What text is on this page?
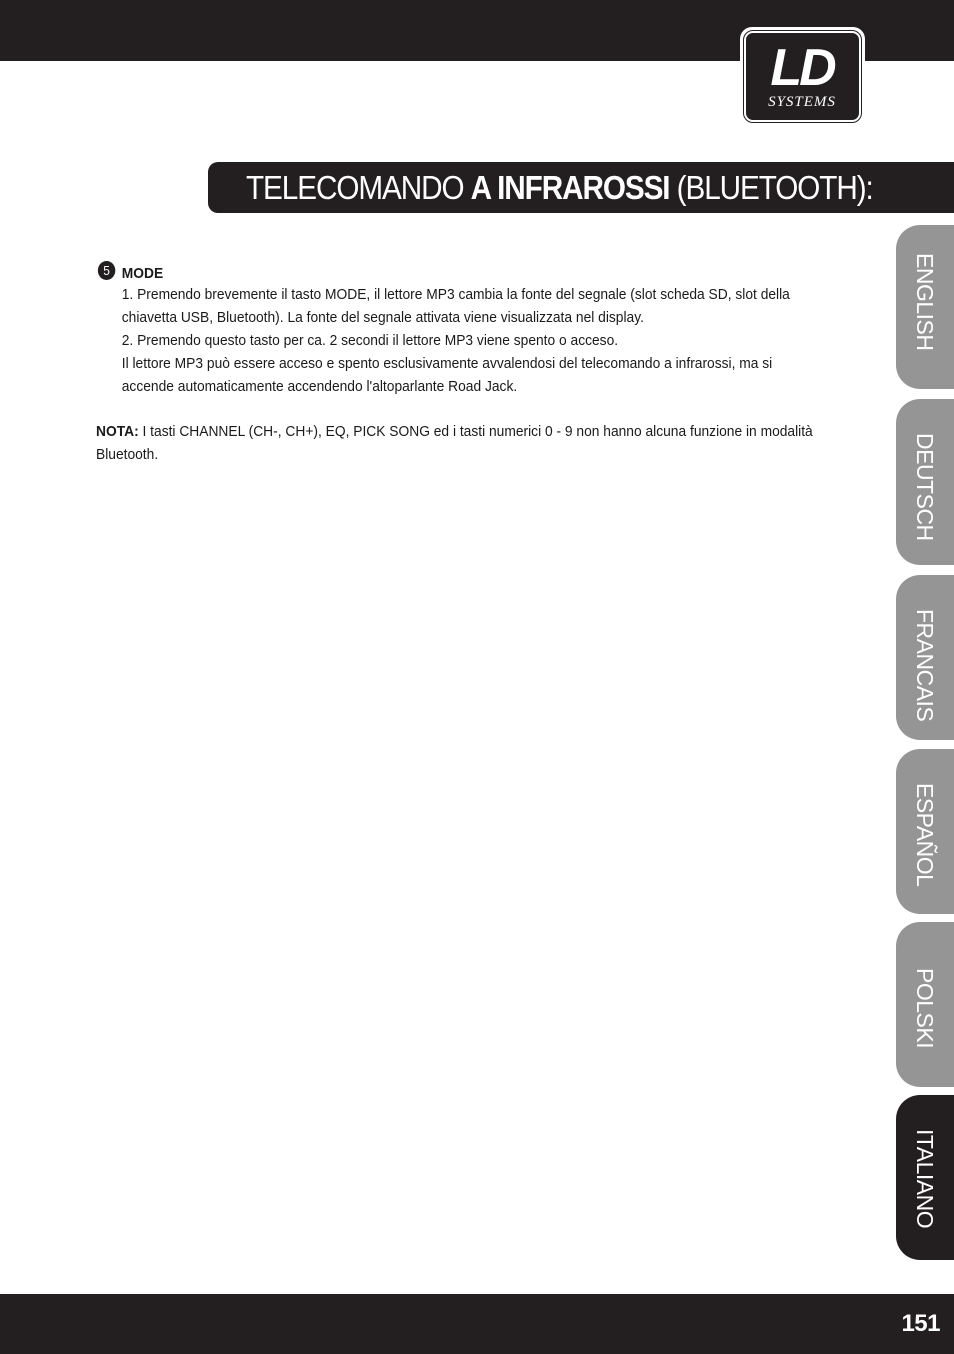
LD
SYSTEMS
TELECOMANDO A INFRAROSSI (BLUETOOTH):
5 MODE

1. Premendo brevemente il tasto MODE, il lettore MP3 cambia la fonte del segnale (slot scheda SD, slot della

chiavetta USB, Bluetooth). La fonte del segnale attivata viene visualizzata nel display.

2. Premendo questo tasto per ca. 2 secondi il lettore MP3 viene spento o acceso.

Il lettore MP3 può essere acceso e spento esclusivamente avvalendosi del telecomando a infrarossi, ma si

accende automaticamente accendendo l'altoparlante Road Jack.

NOTA: I tasti CHANNEL (CH-, CH+), EQ, PICK SONG ed i tasti numerici 0 - 9 non hanno alcuna funzione in modalità

Bluetooth.

ENGLISH
DEUTSCH
FRANCAIS
ESPAÑOL
POLSKI
ITALIANO
151
